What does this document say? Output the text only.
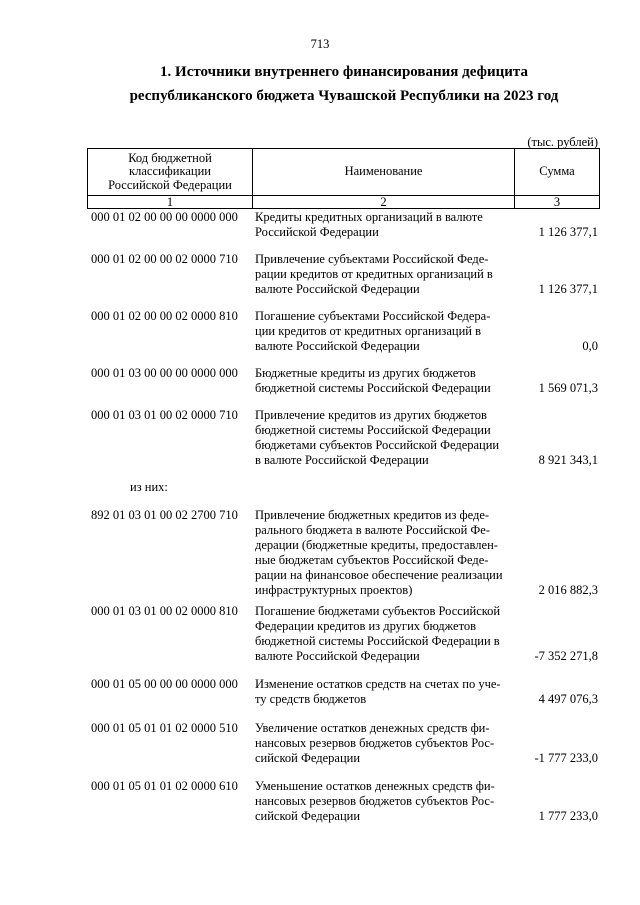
713
1. Источники внутреннего финансирования дефицита
республиканского бюджета Чувашской Республики на 2023 год
(тыс. рублей)
Код бюджетной
классификации
Российской Федерации	Наименование	Сумма
1	2	3
000 01 02 00 00 00 0000 000	Кредиты кредитных организаций в валюте
Российской Федерации	1 126 377,1
000 01 02 00 00 02 0000 710	Привлечение субъектами Российской Феде-
рации кредитов от кредитных организаций в
валюте Российской Федерации	1 126 377,1
000 01 02 00 00 02 0000 810	Погашение субъектами Российской Федера-
ции кредитов от кредитных организаций в
валюте Российской Федерации	0,0
000 01 03 00 00 00 0000 000	Бюджетные кредиты из других бюджетов
бюджетной системы Российской Федерации	1 569 071,3
000 01 03 01 00 02 0000 710	Привлечение кредитов из других бюджетов
бюджетной системы Российской Федерации
бюджетами субъектов Российской Федерации
в валюте Российской Федерации	8 921 343,1
из них:
892 01 03 01 00 02 2700 710	Привлечение бюджетных кредитов из феде-
рального бюджета в валюте Российской Фе-
дерации (бюджетные кредиты, предоставлен-
ные бюджетам субъектов Российской Феде-
рации на финансовое обеспечение реализации
инфраструктурных проектов)	2 016 882,3
000 01 03 01 00 02 0000 810	Погашение бюджетами субъектов Российской
Федерации кредитов из других бюджетов
бюджетной системы Российской Федерации в
валюте Российской Федерации	-7 352 271,8
000 01 05 00 00 00 0000 000	Изменение остатков средств на счетах по уче-
ту средств бюджетов	4 497 076,3
000 01 05 01 01 02 0000 510	Увеличение остатков денежных средств фи-
нансовых резервов бюджетов субъектов Рос-
сийской Федерации	-1 777 233,0
000 01 05 01 01 02 0000 610	Уменьшение остатков денежных средств фи-
нансовых резервов бюджетов субъектов Рос-
сийской Федерации	1 777 233,0
